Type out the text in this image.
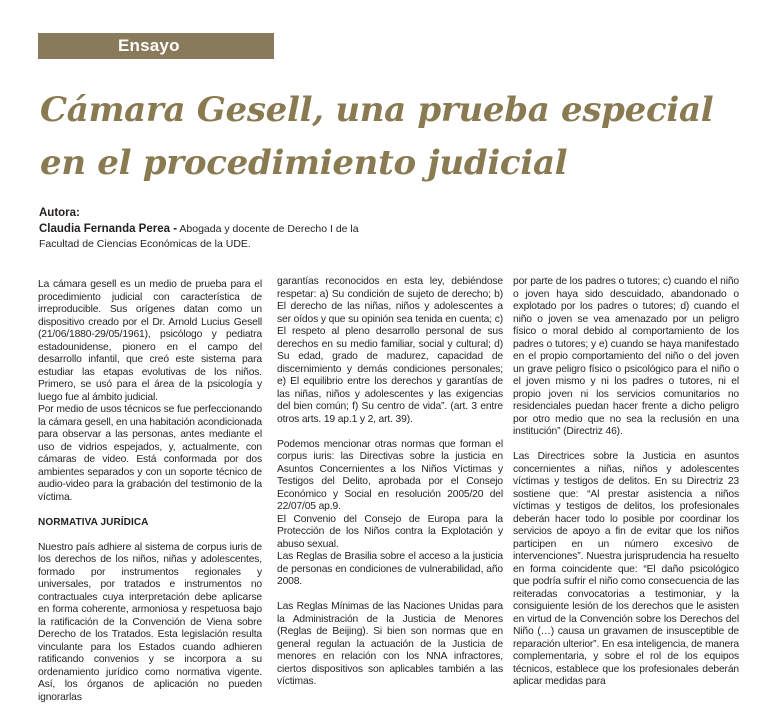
Ensayo
Cámara Gesell, una prueba especial en el procedimiento judicial
Autora:
Claudia Fernanda Perea - Abogada y docente de Derecho I de la Facultad de Ciencias Económicas de la UDE.

La cámara gesell es un medio de prueba para el procedimiento judicial con característica de irreproducible. Sus orígenes datan como un dispositivo creado por el Dr. Arnold Lucius Gesell (21/06/1880-29/05/1961), psicólogo y pediatra estadounidense, pionero en el campo del desarrollo infantil, que creó este sistema para estudiar las etapas evolutivas de los niños. Primero, se usó para el área de la psicología y luego fue al ámbito judicial.

Por medio de usos técnicos se fue perfeccionando la cámara gesell, en una habitación acondicionada para observar a las personas, antes mediante el uso de vidrios espejados, y, actualmente, con cámaras de video. Está conformada por dos ambientes separados y con un soporte técnico de audio-video para la grabación del testimonio de la víctima.

NORMATIVA JURÍDICA

Nuestro país adhiere al sistema de corpus iuris de los derechos de los niños, niñas y adolescentes, formado por instrumentos regionales y universales, por tratados e instrumentos no contractuales cuya interpretación debe aplicarse en forma coherente, armoniosa y respetuosa bajo la ratificación de la Convención de Viena sobre Derecho de los Tratados. Esta legislación resulta vinculante para los Estados cuando adhieren ratificando convenios y se incorpora a su ordenamiento jurídico como normativa vigente. Así, los órganos de aplicación no pueden ignorarlas

garantías reconocidos en esta ley, debiéndose respetar: a) Su condición de sujeto de derecho; b) El derecho de las niñas, niños y adolescentes a ser oídos y que su opinión sea tenida en cuenta; c) El respeto al pleno desarrollo personal de sus derechos en su medio familiar, social y cultural; d) Su edad, grado de madurez, capacidad de discernimiento y demás condiciones personales; e) El equilibrio entre los derechos y garantías de las niñas, niños y adolescentes y las exigencias del bien común; f) Su centro de vida”. (art. 3 entre otros arts. 19 ap.1 y 2, art. 39).

Podemos mencionar otras normas que forman el corpus iuris: las Directivas sobre la justicia en Asuntos Concernientes a los Niños Víctimas y Testigos del Delito, aprobada por el Consejo Económico y Social en resolución 2005/20 del 22/07/05 ap.9.

El Convenio del Consejo de Europa para la Protección de los Niños contra la Explotación y abuso sexual.

Las Reglas de Brasilia sobre el acceso a la justicia de personas en condiciones de vulnerabilidad, año 2008.

Las Reglas Mínimas de las Naciones Unidas para la Administración de la Justicia de Menores (Reglas de Beijing). Si bien son normas que en general regulan la actuación de la Justicia de menores en relación con los NNA infractores, ciertos dispositivos son aplicables también a las víctimas.

por parte de los padres o tutores; c) cuando el niño o joven haya sido descuidado, abandonado o explotado por los padres o tutores; d) cuando el niño o joven se vea amenazado por un peligro físico o moral debido al comportamiento de los padres o tutores; y e) cuando se haya manifestado en el propio comportamiento del niño o del joven un grave peligro físico o psicológico para el niño o el joven mismo y ni los padres o tutores, ni el propio joven ni los servicios comunitarios no residenciales puedan hacer frente a dicho peligro por otro medio que no sea la reclusión en una institución” (Directriz 46).

Las Directrices sobre la Justicia en asuntos concernientes a niñas, niños y adolescentes víctimas y testigos de delitos. En su Directriz 23 sostiene que: “Al prestar asistencia a niños víctimas y testigos de delitos, los profesionales deberán hacer todo lo posible por coordinar los servicios de apoyo a fin de evitar que los niños participen en un número excesivo de intervenciones”. Nuestra jurisprudencia ha resuelto en forma coincidente que: “El daño psicológico que podría sufrir el niño como consecuencia de las reiteradas convocatorias a testimoniar, y la consiguiente lesión de los derechos que le asisten en virtud de la Convención sobre los Derechos del Niño (…) causa un gravamen de insusceptible de reparación ulterior”. En esa inteligencia, de manera complementaria, y sobre el rol de los equipos técnicos, establece que los profesionales deberán aplicar medidas para
